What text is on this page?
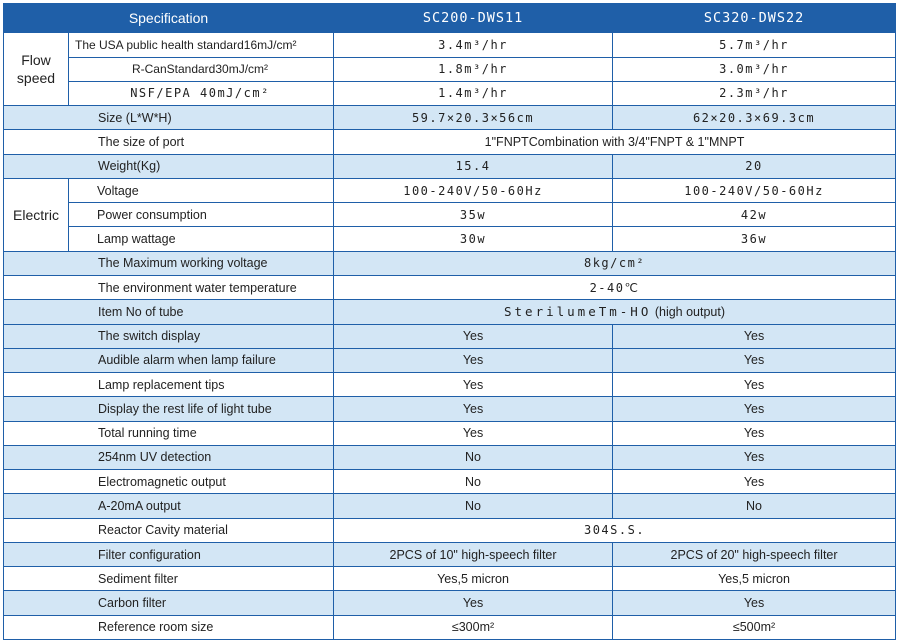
Specification		SC200-DWS11	SC320-DWS22
Flow speed	The USA public health standard16mJ/cm²	3.4m³/hr	5.7m³/hr
	R-CanStandard30mJ/cm²	1.8m³/hr	3.0m³/hr
	NSF/EPA 40mJ/cm²	1.4m³/hr	2.3m³/hr
Size (L*W*H)		59.7×20.3×56cm	62×20.3×69.3cm
The size of port		1"FNPTCombination with 3/4"FNPT & 1"MNPT	
Weight(Kg)		15.4	20
Electric	Voltage	100-240V/50-60Hz	100-240V/50-60Hz
	Power consumption	35w	42w
	Lamp wattage	30w	36w
The Maximum working voltage		8kg/cm²	
The environment water temperature		2-40℃	
Item No of tube		SterilumeTm-HO (high output)	
The switch display		Yes	Yes
Audible alarm when lamp failure		Yes	Yes
Lamp replacement tips		Yes	Yes
Display the rest life of light tube		Yes	Yes
Total running time		Yes	Yes
254nm UV detection		No	Yes
Electromagnetic output		No	Yes
A-20mA output		No	No
Reactor Cavity material		304S.S.	
Filter configuration		2PCS of 10" high-speech filter	2PCS of 20" high-speech filter
Sediment filter		Yes,5 micron	Yes,5 micron
Carbon filter		Yes	Yes
Reference room size		≤300m²	≤500m²
